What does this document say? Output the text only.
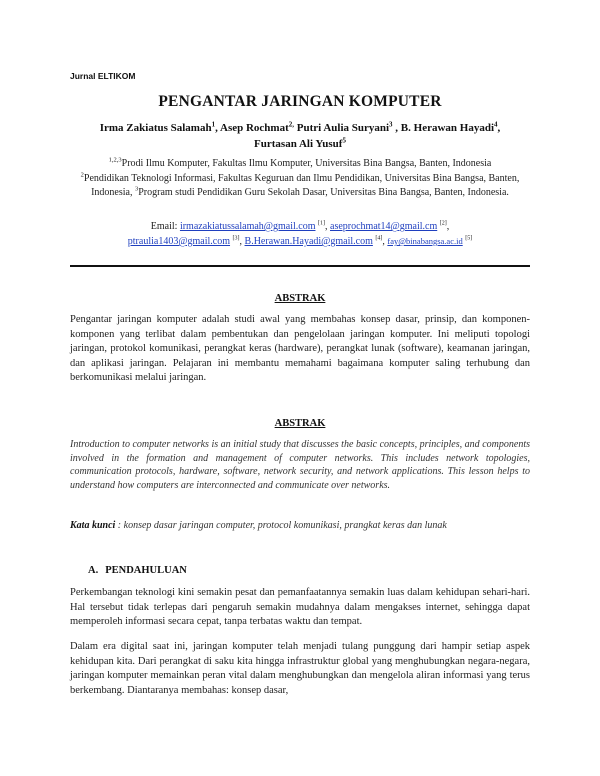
Jurnal ELTIKOM
PENGANTAR JARINGAN KOMPUTER
Irma Zakiatus Salamah$^1$, Asep Rochmat$^{2,}$ Putri Aulia Suryani$^3$ , B. Herawan Hayadi$^4$,
Furtasan Ali Yusuf$^5$
$^{1,2,3}$Prodi Ilmu Komputer, Fakultas Ilmu Komputer, Universitas Bina Bangsa, Banten, Indonesia
$^2$Pendidikan Teknologi Informasi, Fakultas Keguruan dan Ilmu Pendidikan, Universitas Bina Bangsa, Banten, Indonesia, $^3$Program studi Pendidikan Guru Sekolah Dasar, Universitas Bina Bangsa, Banten, Indonesia.
Email: irmazakiatussalamah@gmail.com [1], aseprochmat14@gmail.cm [2],
ptraulia1403@gmail.com [3], B.Herawan.Hayadi@gmail.com [4], fay@binabangsa.ac.id [5]
ABSTRAK
Pengantar jaringan komputer adalah studi awal yang membahas konsep dasar, prinsip, dan komponen-komponen yang terlibat dalam pembentukan dan pengelolaan jaringan komputer. Ini meliputi topologi jaringan, protokol komunikasi, perangkat keras (hardware), perangkat lunak (software), keamanan jaringan, dan aplikasi jaringan. Pelajaran ini membantu memahami bagaimana komputer saling terhubung dan berkomunikasi melalui jaringan.
ABSTRAK
Introduction to computer networks is an initial study that discusses the basic concepts, principles, and components involved in the formation and management of computer networks. This includes network topologies, communication protocols, hardware, software, network security, and network applications. This lesson helps to understand how computers are interconnected and communicate over networks.
Kata kunci : konsep dasar jaringan computer, protocol komunikasi, prangkat keras dan lunak
A. PENDAHULUAN
Perkembangan teknologi kini semakin pesat dan pemanfaatannya semakin luas dalam kehidupan sehari-hari. Hal tersebut tidak terlepas dari pengaruh semakin mudahnya dalam mengakses internet, sehingga dapat memperoleh informasi secara cepat, tanpa terbatas waktu dan tempat.
Dalam era digital saat ini, jaringan komputer telah menjadi tulang punggung dari hampir setiap aspek kehidupan kita. Dari perangkat di saku kita hingga infrastruktur global yang menghubungkan negara-negara, jaringan komputer memainkan peran vital dalam menghubungkan dan mengelola aliran informasi yang terus berkembang. Diantaranya membahas: konsep dasar,
